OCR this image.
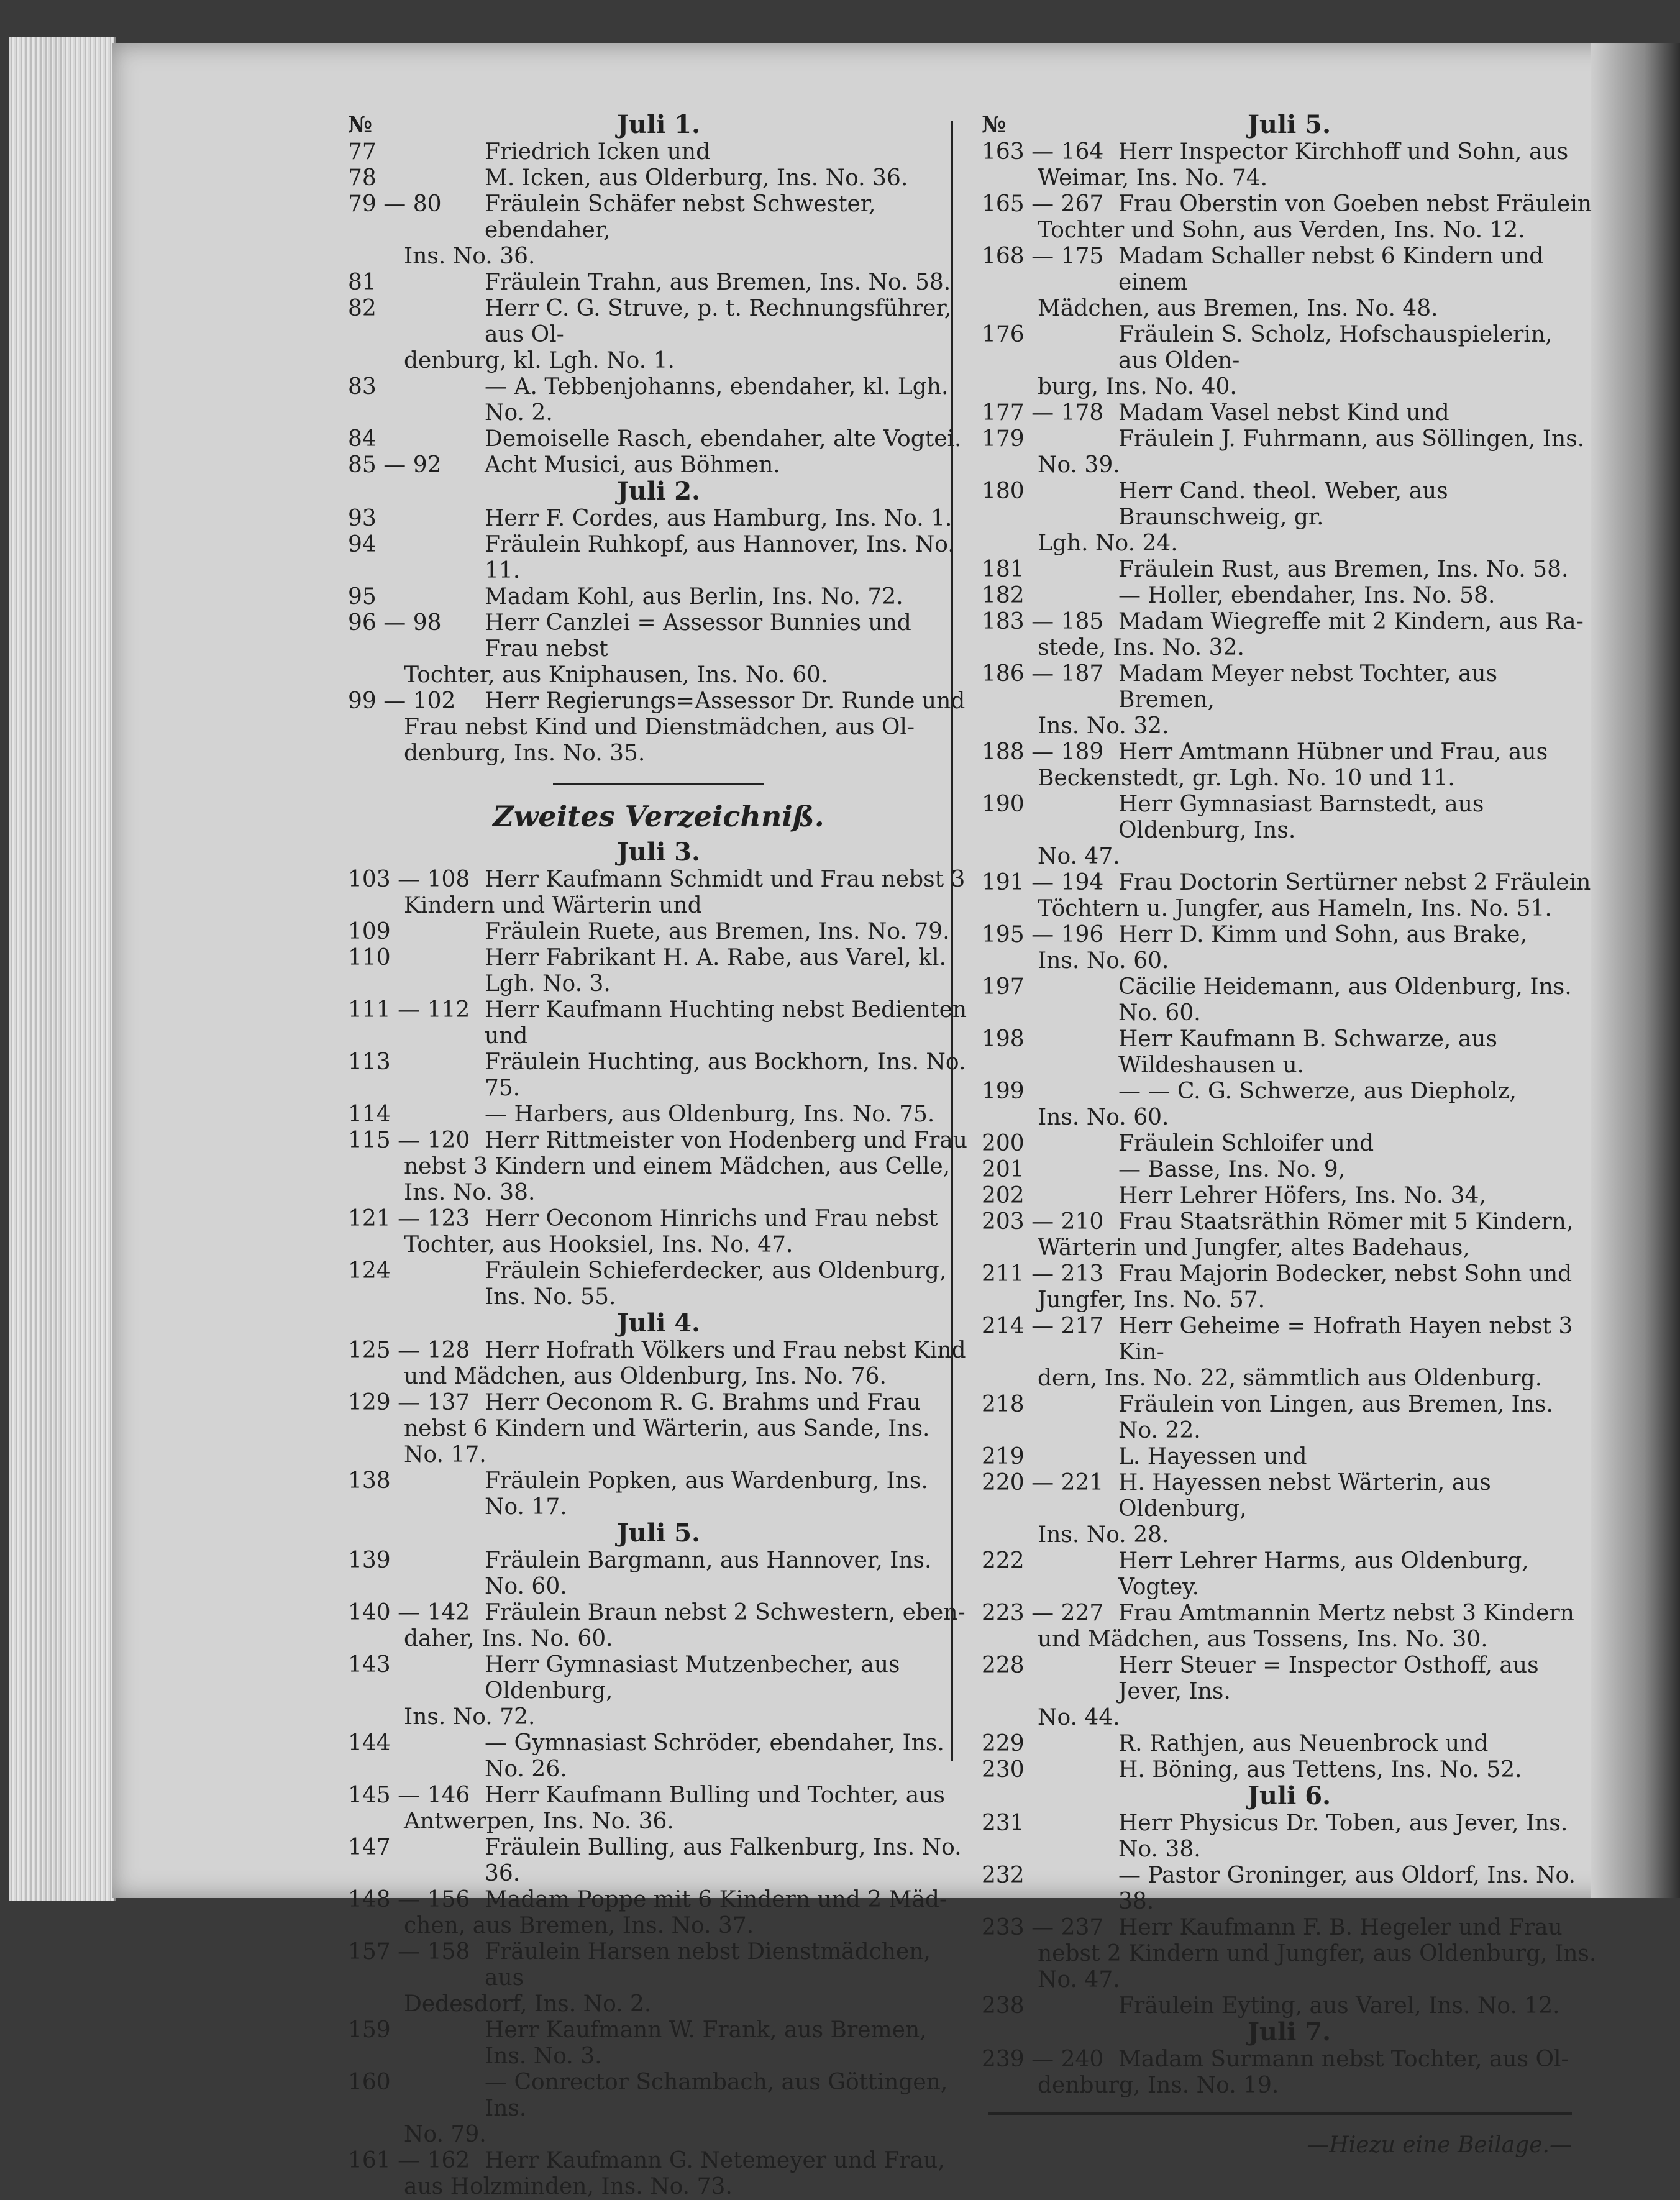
№	Juli 1.
77	Friedrich Icken und
78	M. Icken, aus Olderburg, Ins. No. 36.
79 — 80	Fräulein Schäfer nebst Schwester, ebendaher,
Ins. No. 36.
81	Fräulein Trahn, aus Bremen, Ins. No. 58.
82	Herr C. G. Struve, p. t. Rechnungsführer, aus Ol-
denburg, kl. Lgh. No. 1.
83	— A. Tebbenjohanns, ebendaher, kl. Lgh. No. 2.
84	Demoiselle Rasch, ebendaher, alte Vogtei.
85 — 92	Acht Musici, aus Böhmen.
Juli 2.
93	Herr F. Cordes, aus Hamburg, Ins. No. 1.
94	Fräulein Ruhkopf, aus Hannover, Ins. No. 11.
95	Madam Kohl, aus Berlin, Ins. No. 72.
96 — 98	Herr Canzlei = Assessor Bunnies und Frau nebst
Tochter, aus Kniphausen, Ins. No. 60.
99 — 102	Herr Regierungs=Assessor Dr. Runde und
Frau nebst Kind und Dienstmädchen, aus Ol- denburg, Ins. No. 35.
Zweites Verzeichniß.
Juli 3.
103 — 108 Herr Kaufmann Schmidt und Frau nebst 3
Kindern und Wärterin und
109	Fräulein Ruete, aus Bremen, Ins. No. 79.
110	Herr Fabrikant H. A. Rabe, aus Varel, kl. Lgh. No. 3.
111 — 112 Herr Kaufmann Huchting nebst Bedienten und
113	Fräulein Huchting, aus Bockhorn, Ins. No. 75.
114	— Harbers, aus Oldenburg, Ins. No. 75.
115 — 120 Herr Rittmeister von Hodenberg und Frau
nebst 3 Kindern und einem Mädchen, aus Celle, Ins. No. 38.
121 — 123 Herr Oeconom Hinrichs und Frau nebst
Tochter, aus Hooksiel, Ins. No. 47.
124	Fräulein Schieferdecker, aus Oldenburg, Ins. No. 55.
Juli 4.
125 — 128 Herr Hofrath Völkers und Frau nebst Kind
und Mädchen, aus Oldenburg, Ins. No. 76.
129 — 137 Herr Oeconom R. G. Brahms und Frau
nebst 6 Kindern und Wärterin, aus Sande, Ins. No. 17.
138	Fräulein Popken, aus Wardenburg, Ins. No. 17.
Juli 5.
139	Fräulein Bargmann, aus Hannover, Ins. No. 60.
140 — 142 Fräulein Braun nebst 2 Schwestern, eben-
daher, Ins. No. 60.
143	Herr Gymnasiast Mutzenbecher, aus Oldenburg,
Ins. No. 72.
144	— Gymnasiast Schröder, ebendaher, Ins. No. 26.
145 — 146 Herr Kaufmann Bulling und Tochter, aus
Antwerpen, Ins. No. 36.
147	Fräulein Bulling, aus Falkenburg, Ins. No. 36.
148 — 156 Madam Poppe mit 6 Kindern und 2 Mäd-
chen, aus Bremen, Ins. No. 37.
157 — 158 Fräulein Harsen nebst Dienstmädchen, aus
Dedesdorf, Ins. No. 2.
159	Herr Kaufmann W. Frank, aus Bremen, Ins. No. 3.
160	— Conrector Schambach, aus Göttingen, Ins.
No. 79.
161 — 162 Herr Kaufmann G. Netemeyer und Frau,
aus Holzminden, Ins. No. 73.
№	Juli 5.
163 — 164 Herr Inspector Kirchhoff und Sohn, aus
Weimar, Ins. No. 74.
165 — 267 Frau Oberstin von Goeben nebst Fräulein
Tochter und Sohn, aus Verden, Ins. No. 12.
168 — 175 Madam Schaller nebst 6 Kindern und einem
Mädchen, aus Bremen, Ins. No. 48.
176	Fräulein S. Scholz, Hofschauspielerin, aus Olden-
burg, Ins. No. 40.
177 — 178 Madam Vasel nebst Kind und
179	Fräulein J. Fuhrmann, aus Söllingen, Ins.
No. 39.
180	Herr Cand. theol. Weber, aus Braunschweig, gr.
Lgh. No. 24.
181	Fräulein Rust, aus Bremen, Ins. No. 58.
182	— Holler, ebendaher, Ins. No. 58.
183 — 185 Madam Wiegreffe mit 2 Kindern, aus Ra-
stede, Ins. No. 32.
186 — 187 Madam Meyer nebst Tochter, aus Bremen,
Ins. No. 32.
188 — 189 Herr Amtmann Hübner und Frau, aus
Beckenstedt, gr. Lgh. No. 10 und 11.
190	Herr Gymnasiast Barnstedt, aus Oldenburg, Ins.
No. 47.
191 — 194 Frau Doctorin Sertürner nebst 2 Fräulein
Töchtern u. Jungfer, aus Hameln, Ins. No. 51.
195 — 196 Herr D. Kimm und Sohn, aus Brake,
Ins. No. 60.
197	Cäcilie Heidemann, aus Oldenburg, Ins. No. 60.
198	Herr Kaufmann B. Schwarze, aus Wildeshausen u.
199	— — C. G. Schwerze, aus Diepholz,
Ins. No. 60.
200	Fräulein Schloifer und
201	— Basse, Ins. No. 9,
202	Herr Lehrer Höfers, Ins. No. 34,
203 — 210 Frau Staatsräthin Römer mit 5 Kindern,
Wärterin und Jungfer, altes Badehaus,
211 — 213 Frau Majorin Bodecker, nebst Sohn und
Jungfer, Ins. No. 57.
214 — 217 Herr Geheime = Hofrath Hayen nebst 3 Kin-
dern, Ins. No. 22, sämmtlich aus Oldenburg.
218	Fräulein von Lingen, aus Bremen, Ins. No. 22.
219	L. Hayessen und
220 — 221 H. Hayessen nebst Wärterin, aus Oldenburg,
Ins. No. 28.
222	Herr Lehrer Harms, aus Oldenburg, Vogtey.
223 — 227 Frau Amtmannin Mertz nebst 3 Kindern
und Mädchen, aus Tossens, Ins. No. 30.
228	Herr Steuer = Inspector Osthoff, aus Jever, Ins.
No. 44.
229	R. Rathjen, aus Neuenbrock und
230	H. Böning, aus Tettens, Ins. No. 52.
Juli 6.
231	Herr Physicus Dr. Toben, aus Jever, Ins. No. 38.
232	— Pastor Groninger, aus Oldorf, Ins. No. 38.
233 — 237 Herr Kaufmann F. B. Hegeler und Frau
nebst 2 Kindern und Jungfer, aus Oldenburg, Ins. No. 47.
238	Fräulein Eyting, aus Varel, Ins. No. 12.
Juli 7.
239 — 240 Madam Surmann nebst Tochter, aus Ol-
denburg, Ins. No. 19.
—Hiezu eine Beilage.—
